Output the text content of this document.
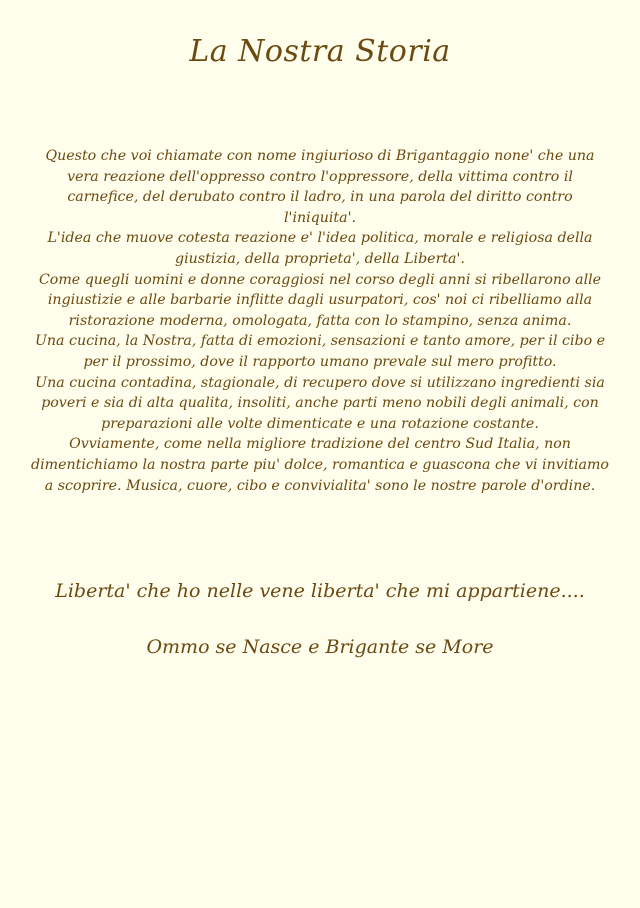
La Nostra Storia

Questo che voi chiamate con nome ingiurioso di Brigantaggio none' che una vera reazione dell'oppresso contro l'oppressore, della vittima contro il carnefice, del derubato contro il ladro, in una parola del diritto contro l'iniquita'.

L'idea che muove cotesta reazione e' l'idea politica, morale e religiosa della giustizia, della proprieta', della Liberta'.

Come quegli uomini e donne coraggiosi nel corso degli anni si ribellarono alle ingiustizie e alle barbarie inflitte dagli usurpatori, cos' noi ci ribelliamo alla ristorazione moderna, omologata, fatta con lo stampino, senza anima.

Una cucina, la Nostra, fatta di emozioni, sensazioni e tanto amore, per il cibo e per il prossimo, dove il rapporto umano prevale sul mero profitto.

Una cucina contadina, stagionale, di recupero dove si utilizzano ingredienti sia poveri e sia di alta qualita, insoliti, anche parti meno nobili degli animali, con preparazioni alle volte dimenticate e una rotazione costante.

Ovviamente, come nella migliore tradizione del centro Sud Italia, non dimentichiamo la nostra parte piu' dolce, romantica e guascona che vi invitiamo a scoprire. Musica, cuore, cibo e convivialita' sono le nostre parole d'ordine.

Liberta' che ho nelle vene liberta' che mi appartiene....
Ommo se Nasce e Brigante se More
